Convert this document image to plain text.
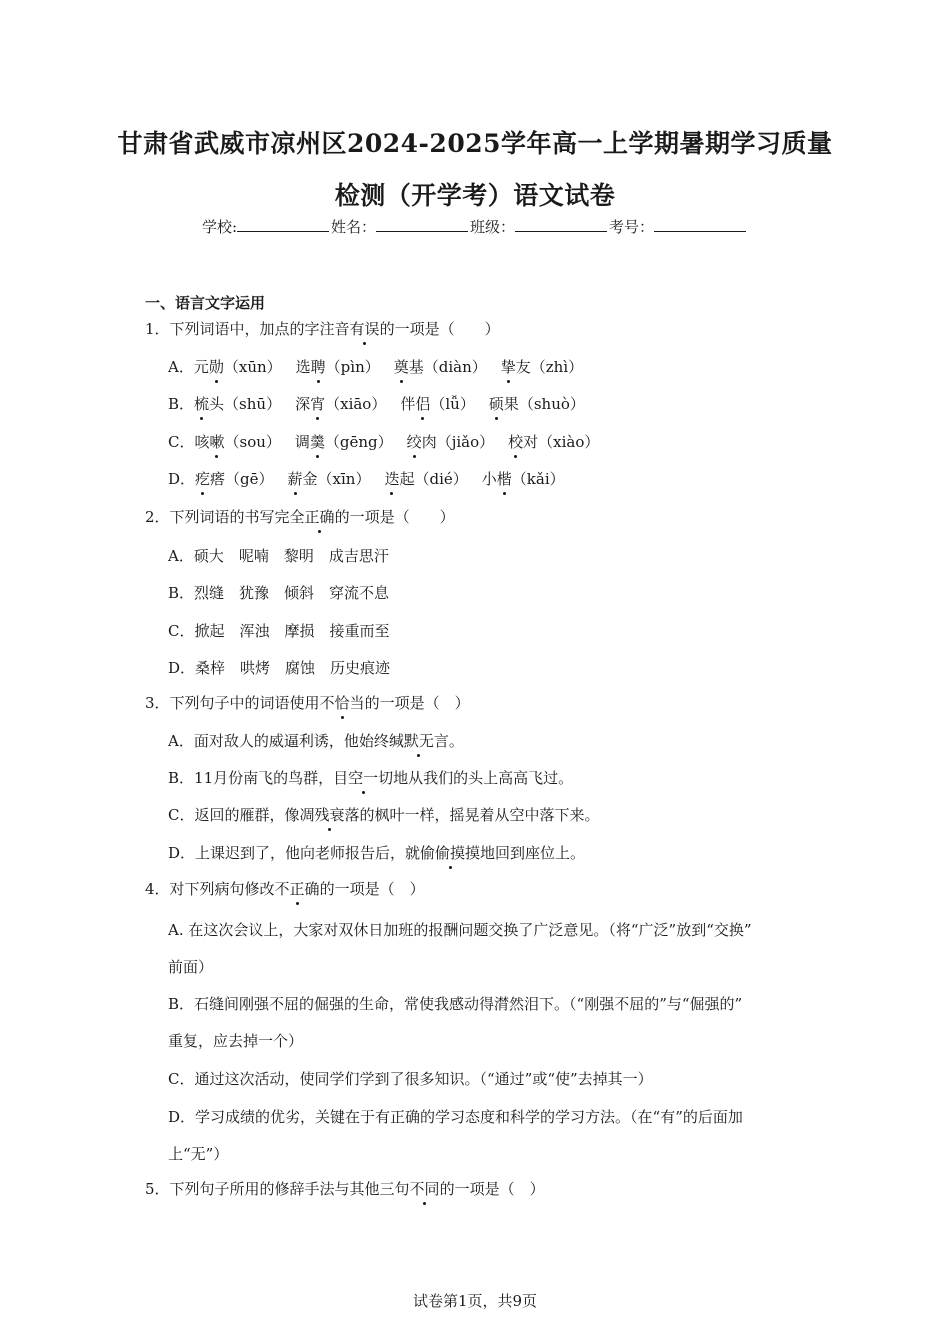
甘肃省武威市凉州区2024-2025学年高一上学期暑期学习质量
检测（开学考）语文试卷
学校:	姓名：	班级：	考号：
一、语言文字运用
1．下列词语中，加点的字注音有误的一项是（　　）
A．元勋（xūn） 选聘（pìn） 奠基（diàn） 挚友（zhì）
B．梳头（shū） 深宵（xiāo） 伴侣（lǚ） 硕果（shuò）
C．咳嗽（sou） 调羹（gēng） 绞肉（jiǎo） 校对（xiào）
D．疙瘩（gē） 薪金（xīn） 迭起（dié） 小楷（kǎi）
2．下列词语的书写完全正确的一项是（　　）
A．硕大　呢喃　黎明　成吉思汗
B．烈缝　犹豫　倾斜　穿流不息
C．掀起　浑浊　摩损　接重而至
D．桑梓　哄烤　腐蚀　历史痕迹
3．下列句子中的词语使用不恰当的一项是（　）
A．面对敌人的威逼利诱，他始终缄默无言。
B．11月份南飞的鸟群，目空一切地从我们的头上高高飞过。
C．返回的雁群，像凋残衰落的枫叶一样，摇晃着从空中落下来。
D．上课迟到了，他向老师报告后，就偷偷摸摸地回到座位上。
4．对下列病句修改不正确的一项是（　）
A. 在这次会议上，大家对双休日加班的报酬问题交换了广泛意见。（将“广泛”放到“交换”
前面）
B．石缝间刚强不屈的倔强的生命，常使我感动得潸然泪下。（“刚强不屈的”与“倔强的”
重复，应去掉一个）
C．通过这次活动，使同学们学到了很多知识。（“通过”或“使”去掉其一）
D．学习成绩的优劣，关键在于有正确的学习态度和科学的学习方法。（在“有”的后面加
上“无”）
5．下列句子所用的修辞手法与其他三句不同的一项是（　）
试卷第1页，共9页
